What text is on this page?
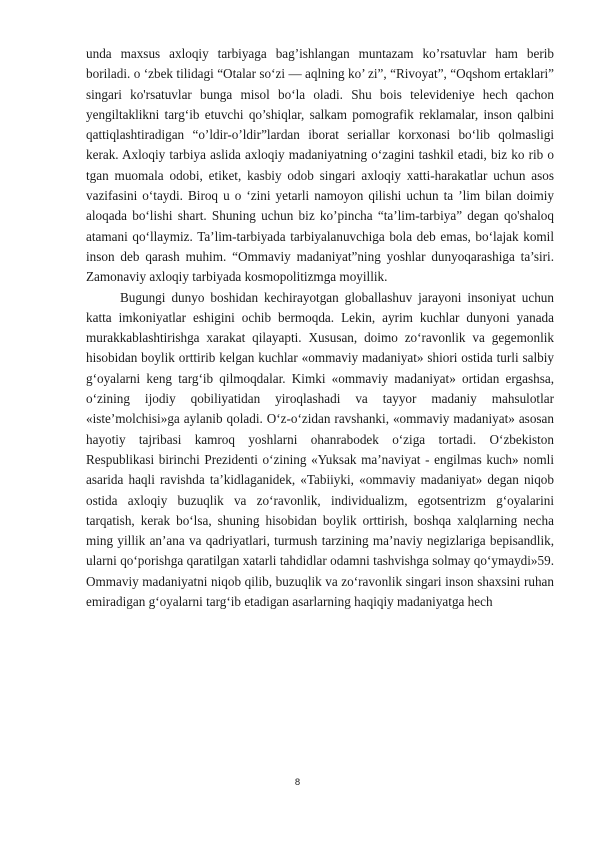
unda maxsus axloqiy tarbiyaga bag’ishlangan muntazam ko’rsatuvlar ham berib boriladi. o ‘zbek tilidagi “Otalar so‘zi — aqlning ko’ zi”, “Rivoyat”, “Oqshom ertaklari” singari ko'rsatuvlar bunga misol bo‘la oladi. Shu bois televideniye hech qachon yengiltaklikni targ‘ib etuvchi qo’shiqlar, salkam pomografik reklamalar, inson qalbini qattiqlashtiradigan “o’ldir-o’ldir”lardan iborat seriallar korxonasi bo‘lib qolmasligi kerak. Axloqiy tarbiya aslida axloqiy madaniyatning o‘zagini tashkil etadi, biz ko rib o tgan muomala odobi, etiket, kasbiy odob singari axloqiy xatti-harakatlar uchun asos vazifasini o‘taydi. Biroq u o ‘zini yetarli namoyon qilishi uchun ta ’lim bilan doimiy aloqada bo‘lishi shart. Shuning uchun biz ko’pincha “ta’lim-tarbiya” degan qo'shaloq atamani qo‘llaymiz. Ta’lim-tarbiyada tarbiyalanuvchiga bola deb emas, bo‘lajak komil inson deb qarash muhim. “Ommaviy madaniyat”ning yoshlar dunyoqarashiga ta’siri. Zamonaviy axloqiy tarbiyada kosmopolitizmga moyillik.

Bugungi dunyo boshidan kechirayotgan globallashuv jarayoni insoniyat uchun katta imkoniyatlar eshigini ochib bermoqda. Lekin, ayrim kuchlar dunyoni yanada murakkablashtirishga xarakat qilayapti. Xususan, doimo zo‘ravonlik va gegemonlik hisobidan boylik orttirib kelgan kuchlar «ommaviy madaniyat» shiori ostida turli salbiy g‘oyalarni keng targ‘ib qilmoqdalar. Kimki «ommaviy madaniyat» ortidan ergashsa, o‘zining ijodiy qobiliyatidan yiroqlashadi va tayyor madaniy mahsulotlar «iste’molchisi»ga aylanib qoladi. O‘z-o‘zidan ravshanki, «ommaviy madaniyat» asosan hayotiy tajribasi kamroq yoshlarni ohanrabodek o‘ziga tortadi. O‘zbekiston Respublikasi birinchi Prezidenti o‘zining «Yuksak ma’naviyat - engilmas kuch» nomli asarida haqli ravishda ta’kidlaganidek, «Tabiiyki, «ommaviy madaniyat» degan niqob ostida axloqiy buzuqlik va zo‘ravonlik, individualizm, egotsentrizm g‘oyalarini tarqatish, kerak bo‘lsa, shuning hisobidan boylik orttirish, boshqa xalqlarning necha ming yillik an’ana va qadriyatlari, turmush tarzining ma’naviy negizlariga bepisandlik, ularni qo‘porishga qaratilgan xatarli tahdidlar odamni tashvishga solmay qo‘ymaydi»59. Ommaviy madaniyatni niqob qilib, buzuqlik va zo‘ravonlik singari inson shaxsini ruhan emiradigan g‘oyalarni targ‘ib etadigan asarlarning haqiqiy madaniyatga hech

8
